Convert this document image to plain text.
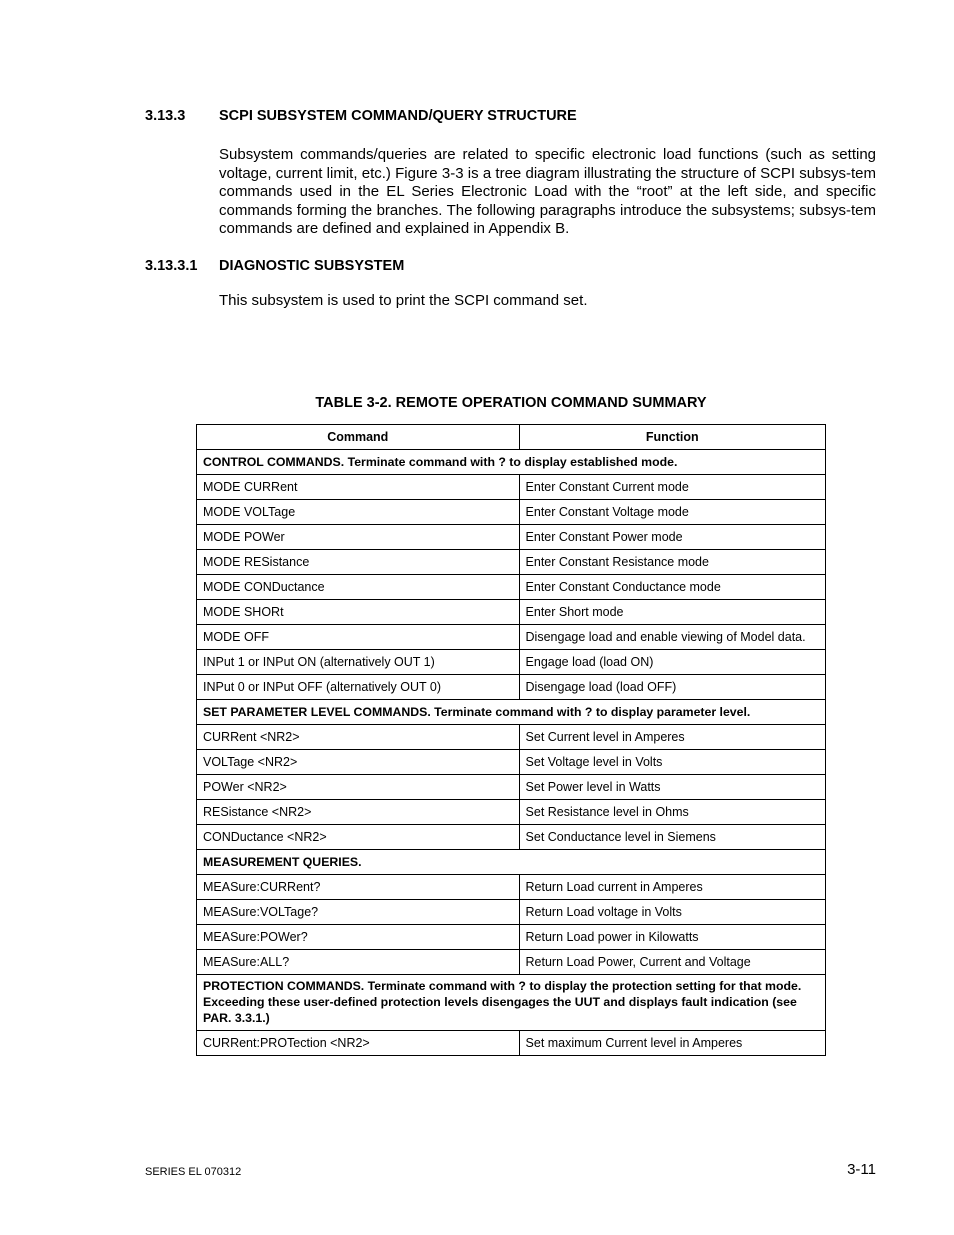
3.13.3	SCPI SUBSYSTEM COMMAND/QUERY STRUCTURE

Subsystem commands/queries are related to specific electronic load functions (such as setting voltage, current limit, etc.) Figure 3-3 is a tree diagram illustrating the structure of SCPI subsys-tem commands used in the EL Series Electronic Load with the “root” at the left side, and specific commands forming the branches. The following paragraphs introduce the subsystems; subsys-tem commands are defined and explained in Appendix B.

3.13.3.1	DIAGNOSTIC SUBSYSTEM

This subsystem is used to print the SCPI command set.

TABLE 3-2. REMOTE OPERATION COMMAND SUMMARY
Command	Function
CONTROL COMMANDS. Terminate command with ? to display established mode.	
MODE CURRent	Enter Constant Current mode
MODE VOLTage	Enter Constant Voltage mode
MODE POWer	Enter Constant Power mode
MODE RESistance	Enter Constant Resistance mode
MODE CONDuctance	Enter Constant Conductance mode
MODE SHORt	Enter Short mode
MODE OFF	Disengage load and enable viewing of Model data.
INPut 1 or INPut ON (alternatively OUT 1)	Engage load (load ON)
INPut 0 or INPut OFF (alternatively OUT 0)	Disengage load (load OFF)
SET PARAMETER LEVEL COMMANDS. Terminate command with ? to display parameter level.	
CURRent <NR2>	Set Current level in Amperes
VOLTage <NR2>	Set Voltage level in Volts
POWer <NR2>	Set Power level in Watts
RESistance <NR2>	Set Resistance level in Ohms
CONDuctance <NR2>	Set Conductance level in Siemens
MEASUREMENT QUERIES.	
MEASure:CURRent?	Return Load current in Amperes
MEASure:VOLTage?	Return Load voltage in Volts
MEASure:POWer?	Return Load power in Kilowatts
MEASure:ALL?	Return Load Power, Current and Voltage
PROTECTION COMMANDS. Terminate command with ? to display the protection setting for that mode. Exceeding these user-defined protection levels disengages the UUT and displays fault indication (see PAR. 3.3.1.)	
CURRent:PROTection <NR2>	Set maximum Current level in Amperes
SERIES EL 070312	3-11
